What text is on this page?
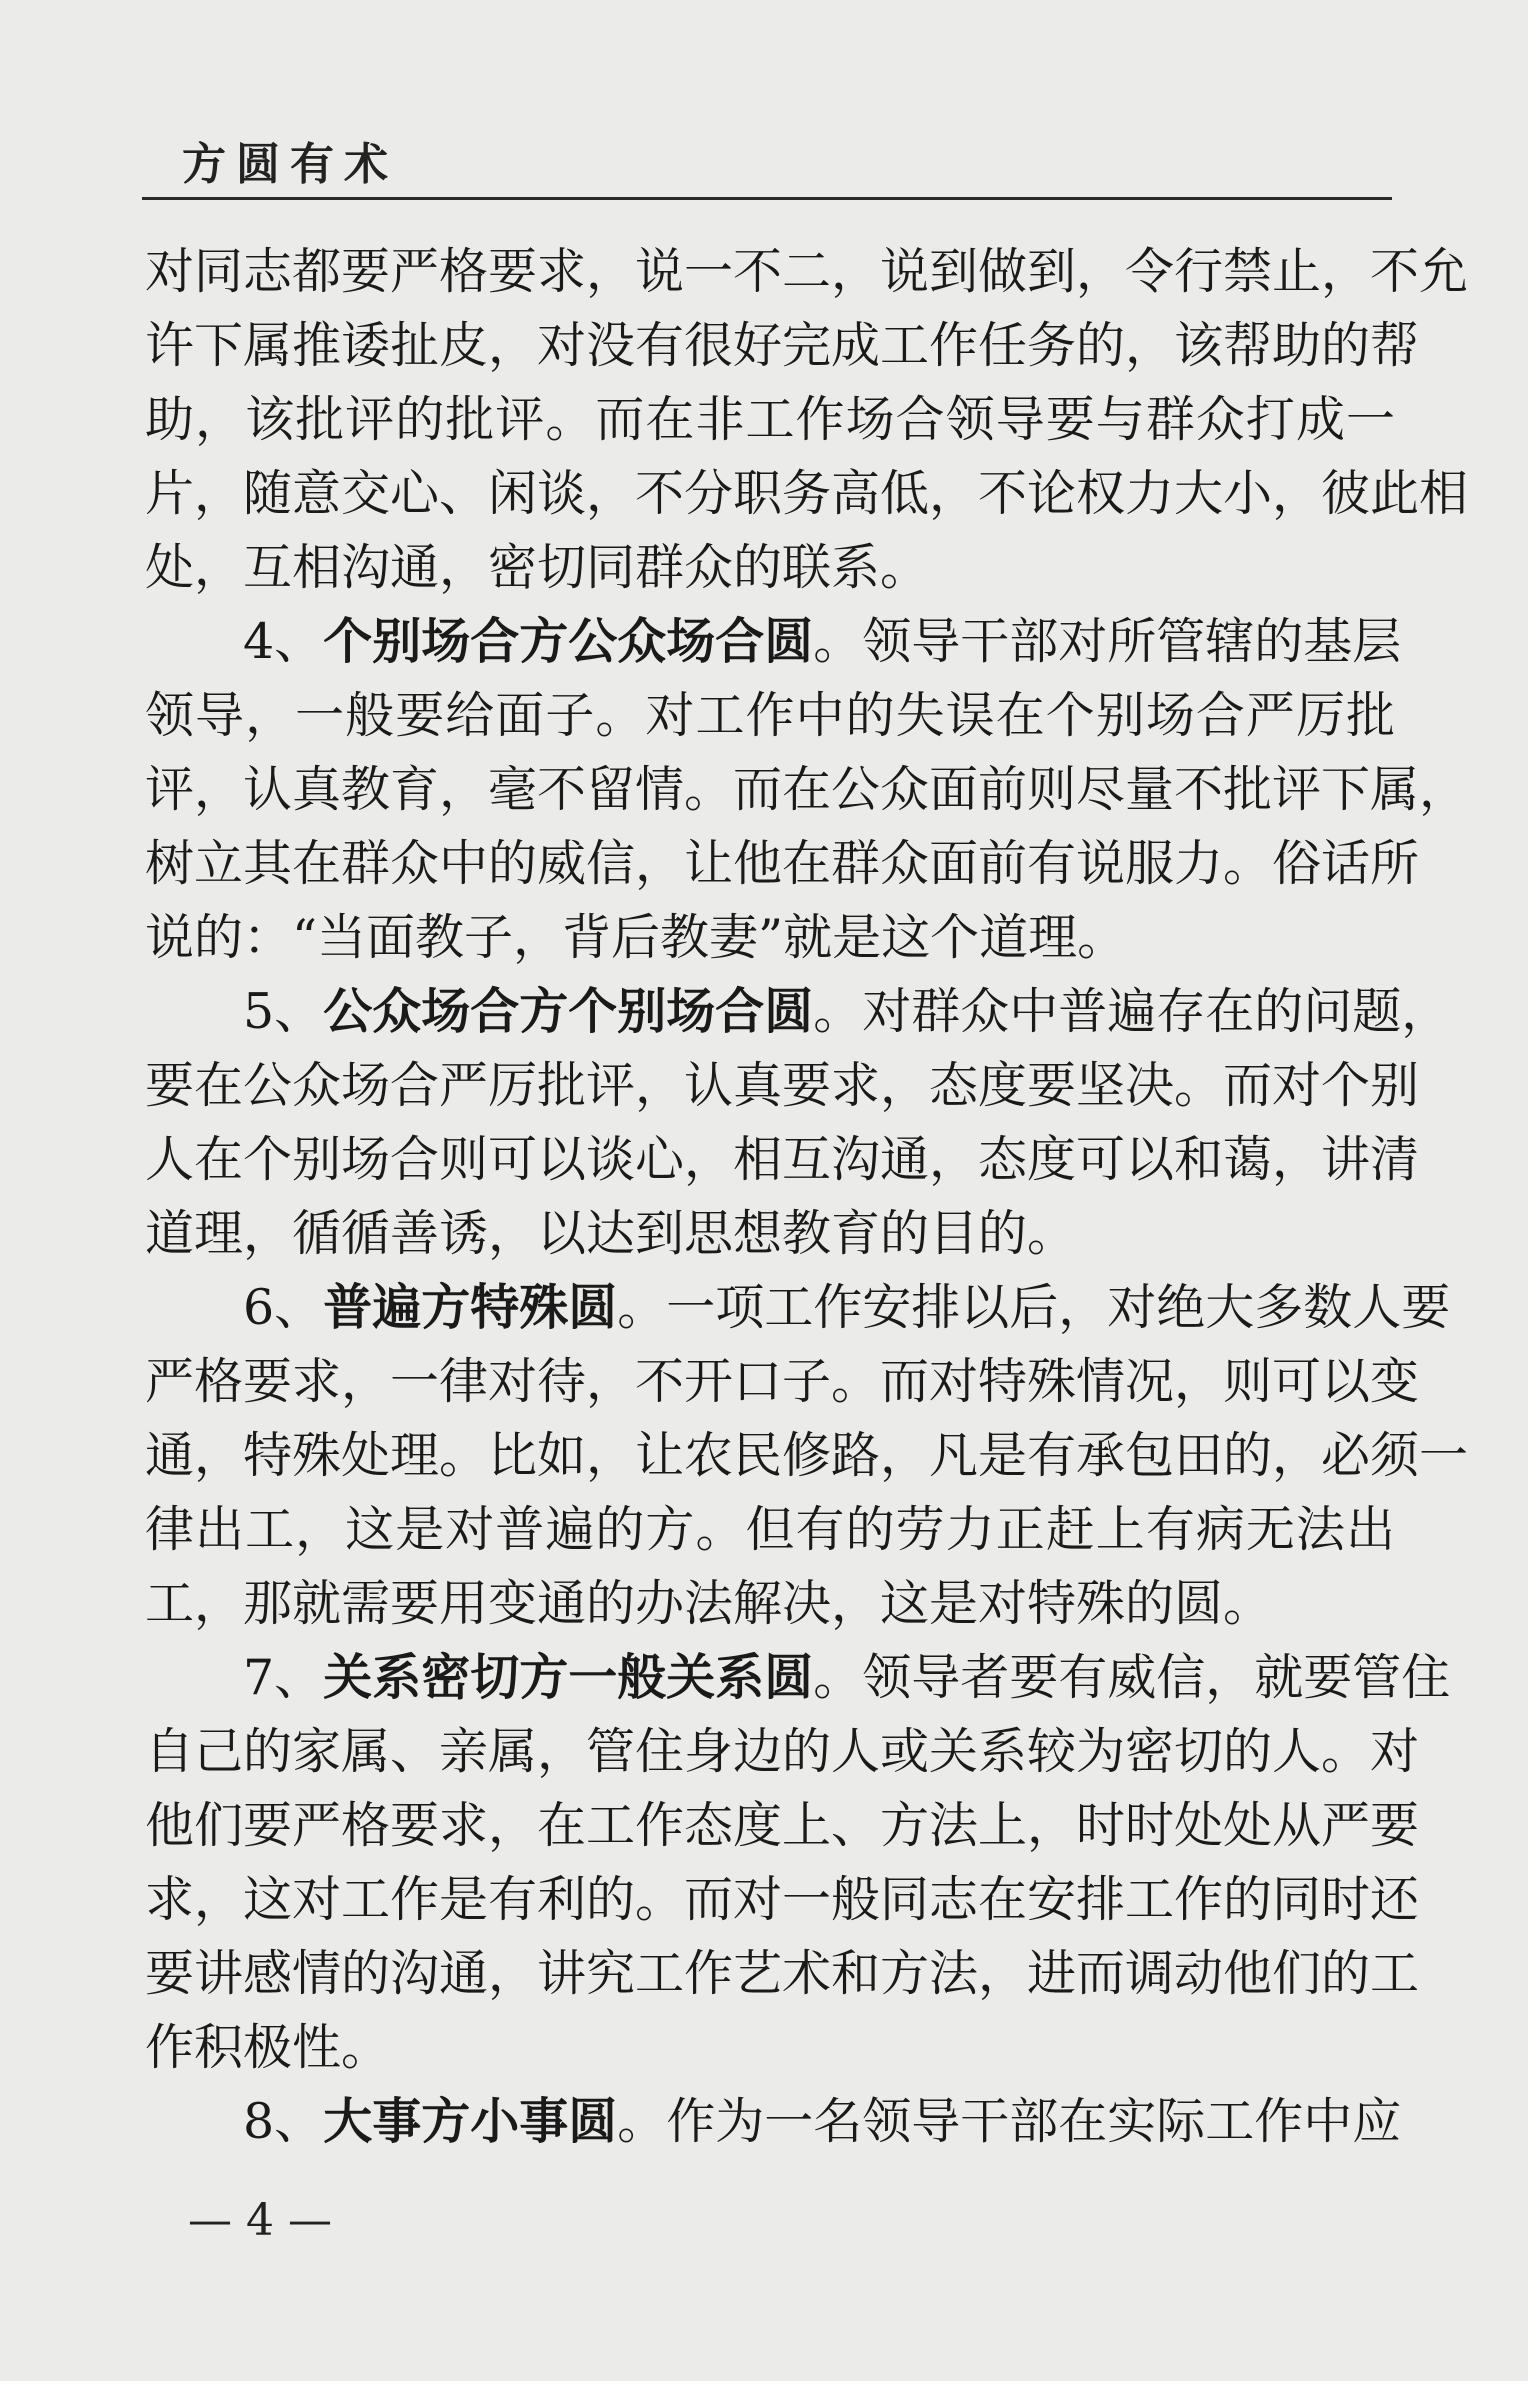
方圆有术
对同志都要严格要求，说一不二，说到做到，令行禁止，不允
许下属推诿扯皮，对没有很好完成工作任务的，该帮助的帮
助，该批评的批评。而在非工作场合领导要与群众打成一
片，随意交心、闲谈，不分职务高低，不论权力大小，彼此相
处，互相沟通，密切同群众的联系。
4、个别场合方公众场合圆。领导干部对所管辖的基层
领导，一般要给面子。对工作中的失误在个别场合严厉批
评，认真教育，毫不留情。而在公众面前则尽量不批评下属，
树立其在群众中的威信，让他在群众面前有说服力。俗话所
说的：“当面教子，背后教妻”就是这个道理。
5、公众场合方个别场合圆。对群众中普遍存在的问题，
要在公众场合严厉批评，认真要求，态度要坚决。而对个别
人在个别场合则可以谈心，相互沟通，态度可以和蔼，讲清
道理，循循善诱，以达到思想教育的目的。
6、普遍方特殊圆。一项工作安排以后，对绝大多数人要
严格要求，一律对待，不开口子。而对特殊情况，则可以变
通，特殊处理。比如，让农民修路，凡是有承包田的，必须一
律出工，这是对普遍的方。但有的劳力正赶上有病无法出
工，那就需要用变通的办法解决，这是对特殊的圆。
7、关系密切方一般关系圆。领导者要有威信，就要管住
自己的家属、亲属，管住身边的人或关系较为密切的人。对
他们要严格要求，在工作态度上、方法上，时时处处从严要
求，这对工作是有利的。而对一般同志在安排工作的同时还
要讲感情的沟通，讲究工作艺术和方法，进而调动他们的工
作积极性。
8、大事方小事圆。作为一名领导干部在实际工作中应
— 4 —
